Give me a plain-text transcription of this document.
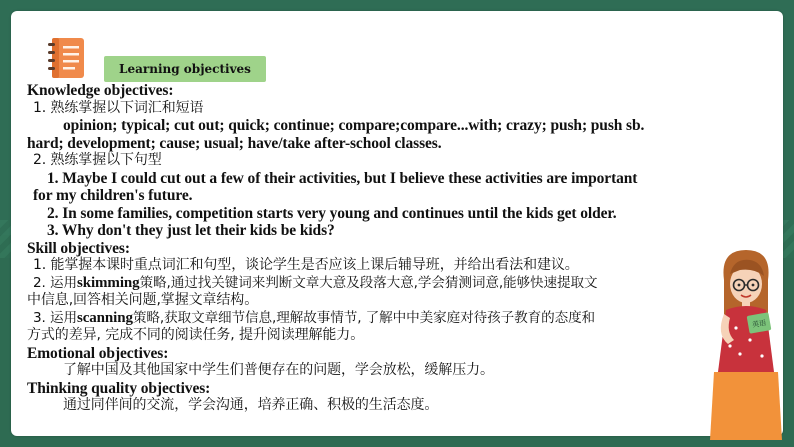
Learning objectives
Knowledge objectives:
1. 熟练掌握以下词汇和短语
opinion; typical; cut out; quick; continue; compare;compare...with; crazy; push; push sb.
hard; development; cause; usual; have/take after-school classes.
2. 熟练掌握以下句型
1. Maybe I could cut out a few of their activities, but I believe these activities are important
for my children's future.
2. In some families, competition starts very young and continues until the kids get older.
3. Why don't they just let their kids be kids?
Skill objectives:
1. 能掌握本课时重点词汇和句型，谈论学生是否应该上课后辅导班，并给出看法和建议。
2. 运用skimming策略,通过找关键词来判断文章大意及段落大意,学会猜测词意,能够快速提取文
中信息,回答相关问题,掌握文章结构。
3. 运用scanning策略,获取文章细节信息,理解故事情节, 了解中中美家庭对待孩子教育的态度和
方式的差异, 完成不同的阅读任务, 提升阅读理解能力。
Emotional objectives:
了解中国及其他国家中学生们普便存在的问题，学会放松，缓解压力。
Thinking quality objectives:
通过同伴间的交流，学会沟通，培养正确、积极的生活态度。
英语
